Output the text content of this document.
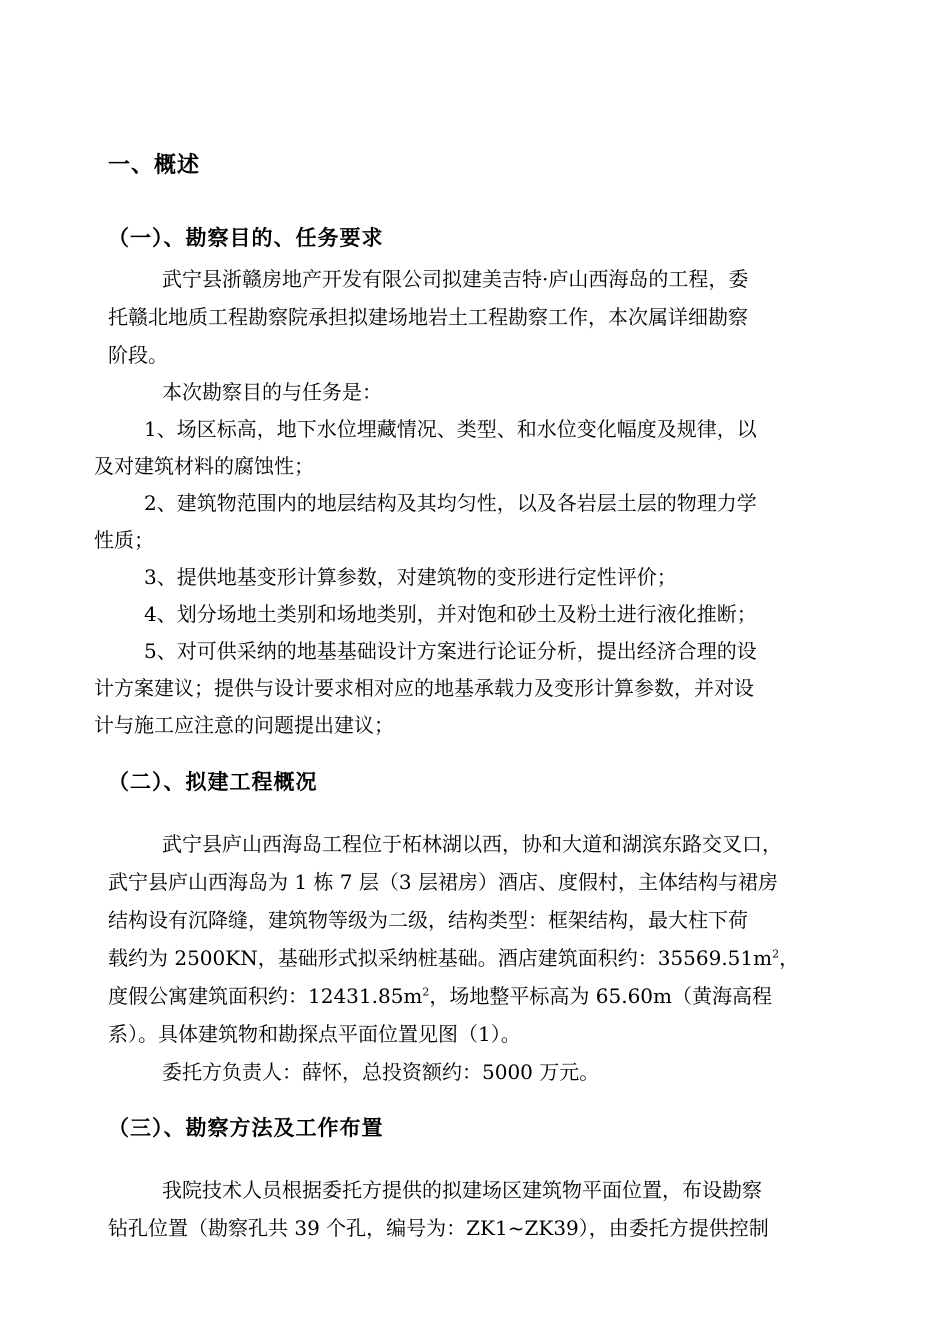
一、概述
（一）、勘察目的、任务要求
武宁县浙赣房地产开发有限公司拟建美吉特·庐山西海岛的工程，委
托赣北地质工程勘察院承担拟建场地岩土工程勘察工作，本次属详细勘察
阶段。
本次勘察目的与任务是：
1、场区标高，地下水位埋藏情况、类型、和水位变化幅度及规律，以
及对建筑材料的腐蚀性；
2、建筑物范围内的地层结构及其均匀性，以及各岩层土层的物理力学
性质；
3、提供地基变形计算参数，对建筑物的变形进行定性评价；
4、划分场地土类别和场地类别，并对饱和砂土及粉土进行液化推断；
5、对可供采纳的地基基础设计方案进行论证分析，提出经济合理的设
计方案建议；提供与设计要求相对应的地基承载力及变形计算参数，并对设
计与施工应注意的问题提出建议；
（二）、拟建工程概况
武宁县庐山西海岛工程位于柘林湖以西，协和大道和湖滨东路交叉口，
武宁县庐山西海岛为 1 栋 7 层（3 层裙房）酒店、度假村，主体结构与裙房
结构设有沉降缝，建筑物等级为二级，结构类型：框架结构，最大柱下荷
载约为 2500KN，基础形式拟采纳桩基础。酒店建筑面积约：$35569.51m^2$，
度假公寓建筑面积约：$12431.85m^2$，场地整平标高为 65.60m（黄海高程
系）。具体建筑物和勘探点平面位置见图（1）。
委托方负责人：薛怀，总投资额约：5000 万元。
（三）、勘察方法及工作布置
我院技术人员根据委托方提供的拟建场区建筑物平面位置，布设勘察
钻孔位置（勘察孔共 39 个孔，编号为：ZK1~ZK39），由委托方提供控制
